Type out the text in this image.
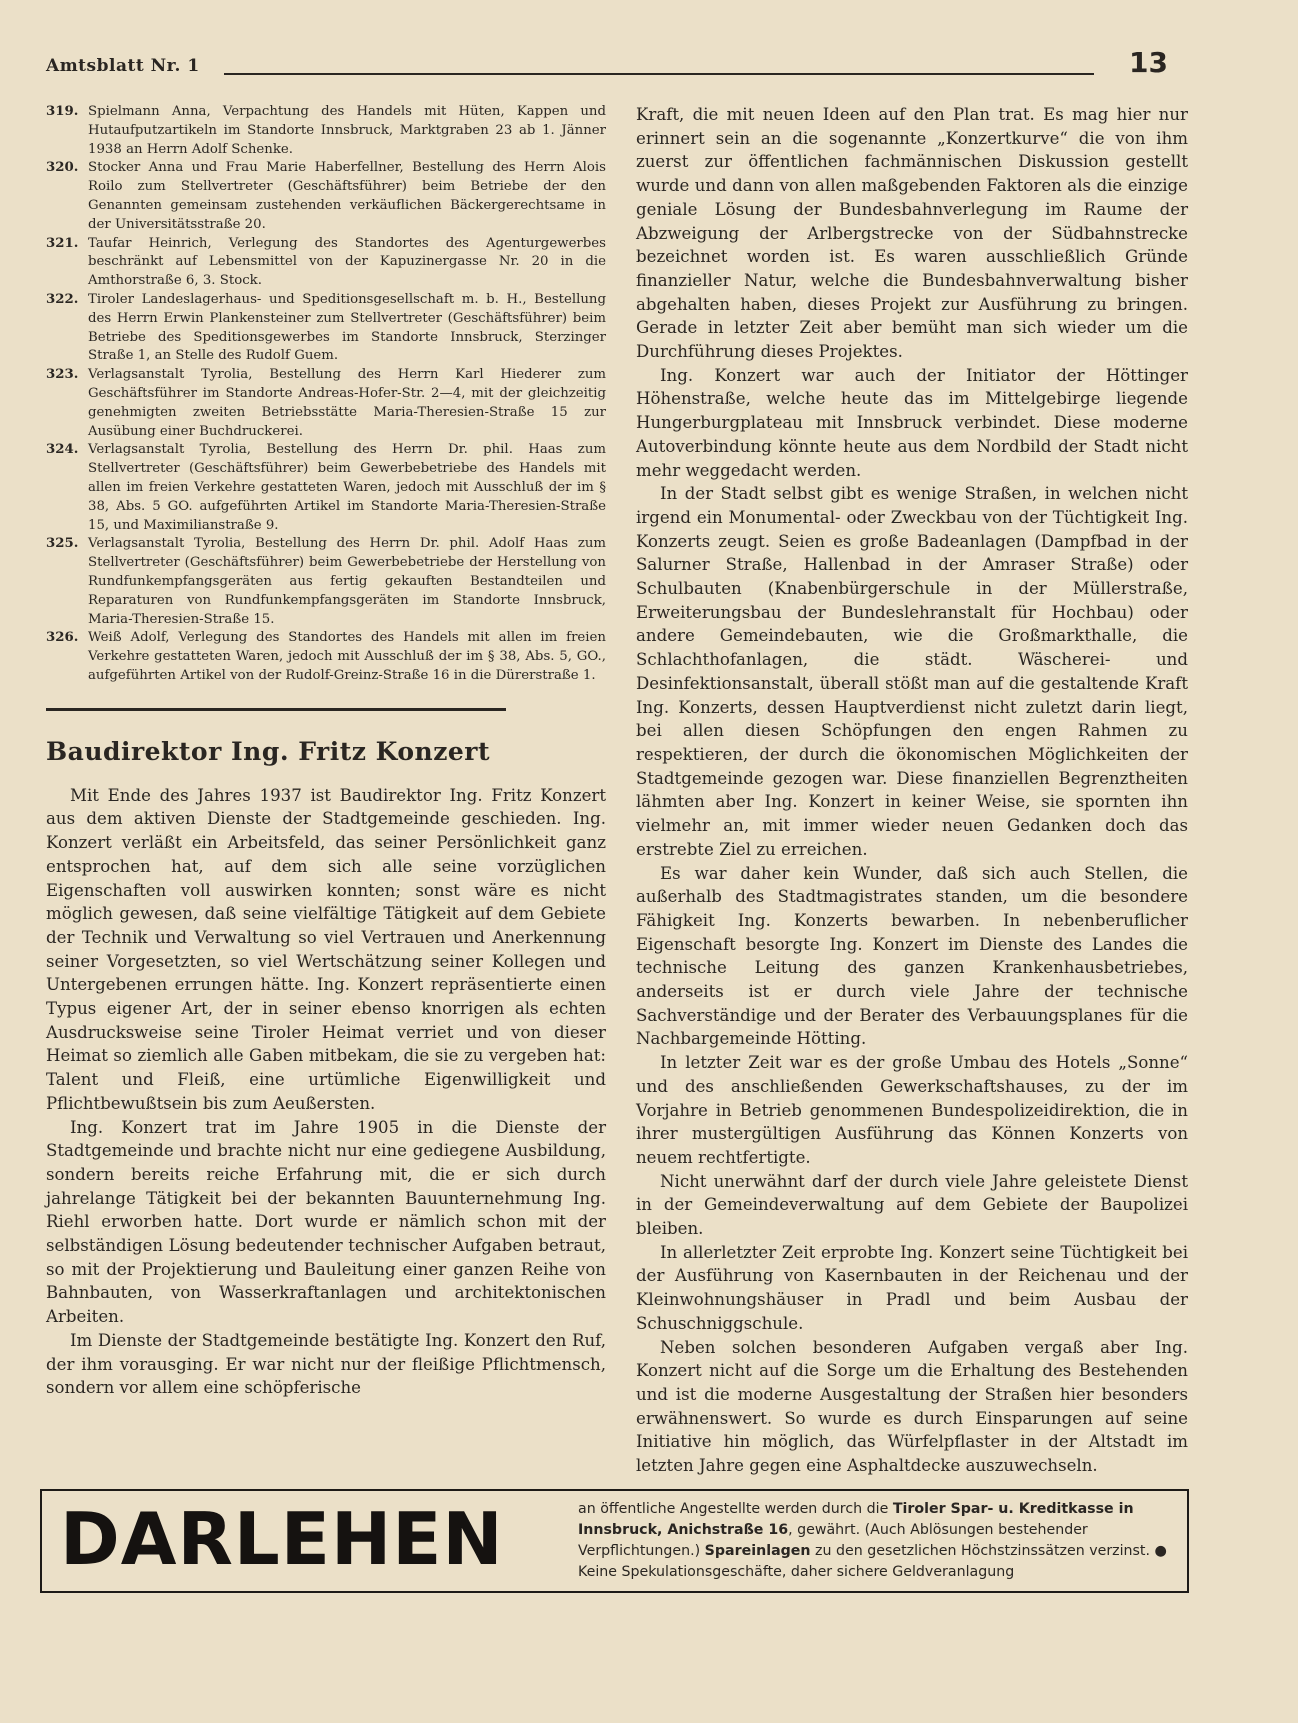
Amtsblatt Nr. 1	13

319. Spielmann Anna, Verpachtung des Handels mit Hüten, Kappen und Hutaufputzartikeln im Standorte Innsbruck, Marktgraben 23 ab 1. Jänner 1938 an Herrn Adolf Schenke.

320. Stocker Anna und Frau Marie Haberfellner, Bestellung des Herrn Alois Roilo zum Stellvertreter (Geschäftsführer) beim Betriebe der den Genannten gemeinsam zustehenden verkäuflichen Bäckergerechtsame in der Universitätsstraße 20.

321. Taufar Heinrich, Verlegung des Standortes des Agenturgewerbes beschränkt auf Lebensmittel von der Kapuzinergasse Nr. 20 in die Amthorstraße 6, 3. Stock.

322. Tiroler Landeslagerhaus- und Speditionsgesellschaft m. b. H., Bestellung des Herrn Erwin Plankensteiner zum Stellvertreter (Geschäftsführer) beim Betriebe des Speditionsgewerbes im Standorte Innsbruck, Sterzinger Straße 1, an Stelle des Rudolf Guem.

323. Verlagsanstalt Tyrolia, Bestellung des Herrn Karl Hiederer zum Geschäftsführer im Standorte Andreas-Hofer-Str. 2—4, mit der gleichzeitig genehmigten zweiten Betriebsstätte Maria-Theresien-Straße 15 zur Ausübung einer Buchdruckerei.

324. Verlagsanstalt Tyrolia, Bestellung des Herrn Dr. phil. Haas zum Stellvertreter (Geschäftsführer) beim Gewerbebetriebe des Handels mit allen im freien Verkehre gestatteten Waren, jedoch mit Ausschluß der im § 38, Abs. 5 GO. aufgeführten Artikel im Standorte Maria-Theresien-Straße 15, und Maximilianstraße 9.

325. Verlagsanstalt Tyrolia, Bestellung des Herrn Dr. phil. Adolf Haas zum Stellvertreter (Geschäftsführer) beim Gewerbebetriebe der Herstellung von Rundfunkempfangsgeräten aus fertig gekauften Bestandteilen und Reparaturen von Rundfunkempfangsgeräten im Standorte Innsbruck, Maria-Theresien-Straße 15.

326. Weiß Adolf, Verlegung des Standortes des Handels mit allen im freien Verkehre gestatteten Waren, jedoch mit Ausschluß der im § 38, Abs. 5, GO., aufgeführten Artikel von der Rudolf-Greinz-Straße 16 in die Dürerstraße 1.

Baudirektor Ing. Fritz Konzert

Mit Ende des Jahres 1937 ist Baudirektor Ing. Fritz Konzert aus dem aktiven Dienste der Stadtgemeinde geschieden. Ing. Konzert verläßt ein Arbeitsfeld, das seiner Persönlichkeit ganz entsprochen hat, auf dem sich alle seine vorzüglichen Eigenschaften voll auswirken konnten; sonst wäre es nicht möglich gewesen, daß seine vielfältige Tätigkeit auf dem Gebiete der Technik und Verwaltung so viel Vertrauen und Anerkennung seiner Vorgesetzten, so viel Wertschätzung seiner Kollegen und Untergebenen errungen hätte. Ing. Konzert repräsentierte einen Typus eigener Art, der in seiner ebenso knorrigen als echten Ausdrucksweise seine Tiroler Heimat verriet und von dieser Heimat so ziemlich alle Gaben mitbekam, die sie zu vergeben hat: Talent und Fleiß, eine urtümliche Eigenwilligkeit und Pflichtbewußtsein bis zum Aeußersten.

Ing. Konzert trat im Jahre 1905 in die Dienste der Stadtgemeinde und brachte nicht nur eine gediegene Ausbildung, sondern bereits reiche Erfahrung mit, die er sich durch jahrelange Tätigkeit bei der bekannten Bauunternehmung Ing. Riehl erworben hatte. Dort wurde er nämlich schon mit der selbständigen Lösung bedeutender technischer Aufgaben betraut, so mit der Projektierung und Bauleitung einer ganzen Reihe von Bahnbauten, von Wasserkraftanlagen und architektonischen Arbeiten.

Im Dienste der Stadtgemeinde bestätigte Ing. Konzert den Ruf, der ihm vorausging. Er war nicht nur der fleißige Pflichtmensch, sondern vor allem eine schöpferische

Kraft, die mit neuen Ideen auf den Plan trat. Es mag hier nur erinnert sein an die sogenannte „Konzertkurve“ die von ihm zuerst zur öffentlichen fachmännischen Diskussion gestellt wurde und dann von allen maßgebenden Faktoren als die einzige geniale Lösung der Bundesbahnverlegung im Raume der Abzweigung der Arlbergstrecke von der Südbahnstrecke bezeichnet worden ist. Es waren ausschließlich Gründe finanzieller Natur, welche die Bundesbahnverwaltung bisher abgehalten haben, dieses Projekt zur Ausführung zu bringen. Gerade in letzter Zeit aber bemüht man sich wieder um die Durchführung dieses Projektes.

Ing. Konzert war auch der Initiator der Höttinger Höhenstraße, welche heute das im Mittelgebirge liegende Hungerburgplateau mit Innsbruck verbindet. Diese moderne Autoverbindung könnte heute aus dem Nordbild der Stadt nicht mehr weggedacht werden.

In der Stadt selbst gibt es wenige Straßen, in welchen nicht irgend ein Monumental- oder Zweckbau von der Tüchtigkeit Ing. Konzerts zeugt. Seien es große Badeanlagen (Dampfbad in der Salurner Straße, Hallenbad in der Amraser Straße) oder Schulbauten (Knabenbürgerschule in der Müllerstraße, Erweiterungsbau der Bundeslehranstalt für Hochbau) oder andere Gemeindebauten, wie die Großmarkthalle, die Schlachthofanlagen, die städt. Wäscherei- und Desinfektionsanstalt, überall stößt man auf die gestaltende Kraft Ing. Konzerts, dessen Hauptverdienst nicht zuletzt darin liegt, bei allen diesen Schöpfungen den engen Rahmen zu respektieren, der durch die ökonomischen Möglichkeiten der Stadtgemeinde gezogen war. Diese finanziellen Begrenztheiten lähmten aber Ing. Konzert in keiner Weise, sie spornten ihn vielmehr an, mit immer wieder neuen Gedanken doch das erstrebte Ziel zu erreichen.

Es war daher kein Wunder, daß sich auch Stellen, die außerhalb des Stadtmagistrates standen, um die besondere Fähigkeit Ing. Konzerts bewarben. In nebenberuflicher Eigenschaft besorgte Ing. Konzert im Dienste des Landes die technische Leitung des ganzen Krankenhausbetriebes, anderseits ist er durch viele Jahre der technische Sachverständige und der Berater des Verbauungsplanes für die Nachbargemeinde Hötting.

In letzter Zeit war es der große Umbau des Hotels „Sonne“ und des anschließenden Gewerkschaftshauses, zu der im Vorjahre in Betrieb genommenen Bundespolizeidirektion, die in ihrer mustergültigen Ausführung das Können Konzerts von neuem rechtfertigte.

Nicht unerwähnt darf der durch viele Jahre geleistete Dienst in der Gemeindeverwaltung auf dem Gebiete der Baupolizei bleiben.

In allerletzter Zeit erprobte Ing. Konzert seine Tüchtigkeit bei der Ausführung von Kasernbauten in der Reichenau und der Kleinwohnungshäuser in Pradl und beim Ausbau der Schuschniggschule.

Neben solchen besonderen Aufgaben vergaß aber Ing. Konzert nicht auf die Sorge um die Erhaltung des Bestehenden und ist die moderne Ausgestaltung der Straßen hier besonders erwähnenswert. So wurde es durch Einsparungen auf seine Initiative hin möglich, das Würfelpflaster in der Altstadt im letzten Jahre gegen eine Asphaltdecke auszuwechseln.

DARLEHEN	an öffentliche Angestellte werden durch die Tiroler Spar- u. Kreditkasse in Innsbruck, Anichstraße 16, gewährt. (Auch Ablösungen bestehender Verpflichtungen.) Spareinlagen zu den gesetzlichen Höchstzinssätzen verzinst. ● Keine Spekulationsgeschäfte, daher sichere Geldveranlagung
